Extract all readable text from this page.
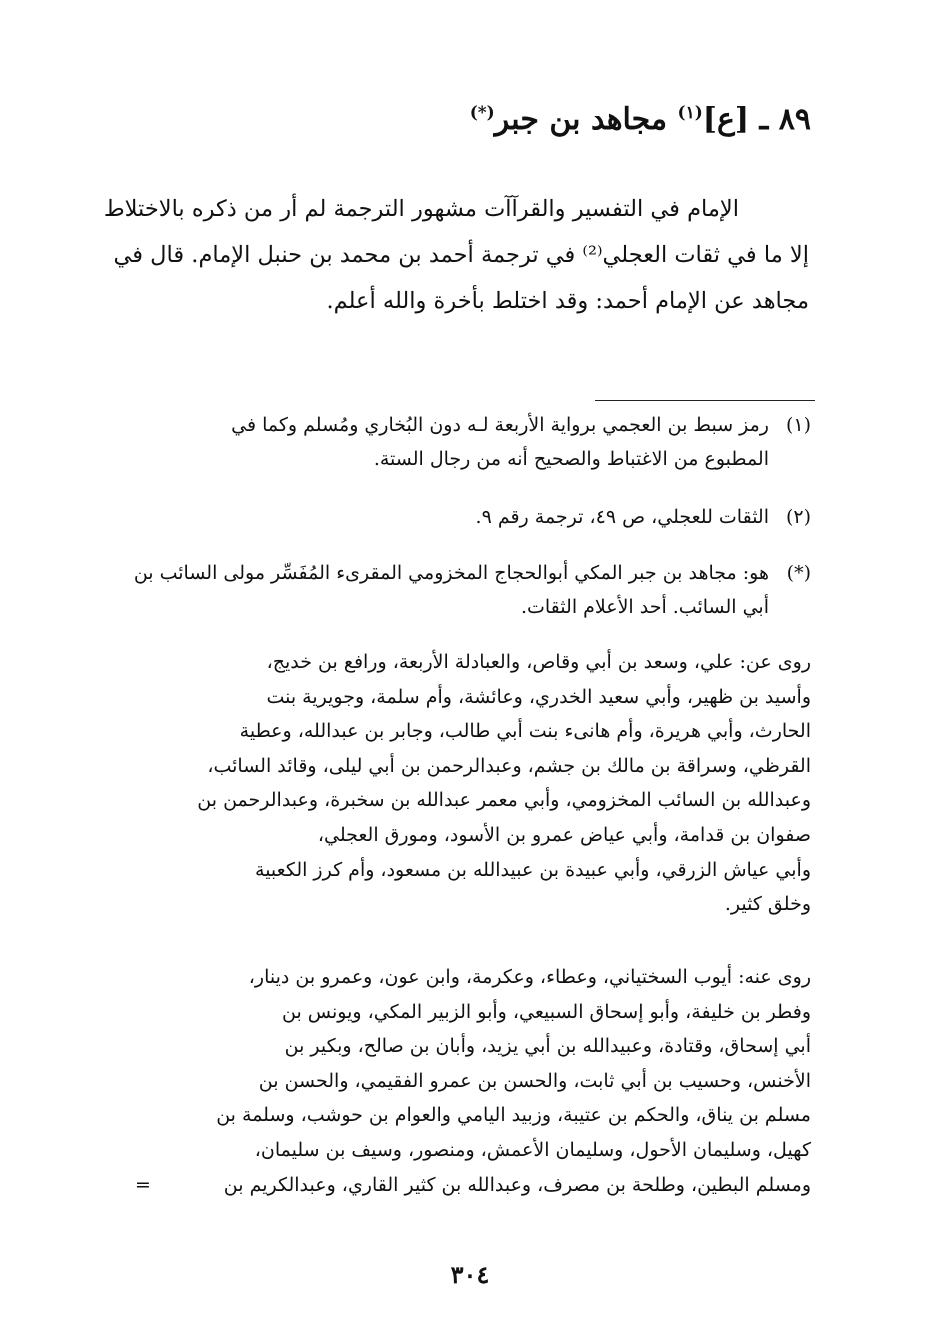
٨٩ ـ [ع]$^{(١)}$ مجاهد بن جبر(*)
الإمام في التفسير والقرآآت مشهور الترجمة لم أر من ذكره بالاختلاط
إلا ما في ثقات العجلي⁽²⁾ في ترجمة أحمد بن محمد بن حنبل الإمام. قال في
مجاهد عن الإمام أحمد: وقد اختلط بأخرة والله أعلم.
(١)رمز سبط بن العجمي برواية الأربعة لـه دون البُخاري ومُسلم وكما في
المطبوع من الاغتباط والصحيح أنه من رجال الستة.
(٢)الثقات للعجلي، ص ٤٩، ترجمة رقم ٩.
(*)هو: مجاهد بن جبر المكي أبوالحجاج المخزومي المقرىء المُفَسِّر مولى السائب بن
أبي السائب. أحد الأعلام الثقات.
روى عن: علي، وسعد بن أبي وقاص، والعبادلة الأربعة، ورافع بن خديج،
وأسيد بن ظهير، وأبي سعيد الخدري، وعائشة، وأم سلمة، وجويرية بنت
الحارث، وأبي هريرة، وأم هانىء بنت أبي طالب، وجابر بن عبدالله، وعطية
القرظي، وسراقة بن مالك بن جشم، وعبدالرحمن بن أبي ليلى، وقائد السائب،
وعبدالله بن السائب المخزومي، وأبي معمر عبدالله بن سخبرة، وعبدالرحمن بن
صفوان بن قدامة، وأبي عياض عمرو بن الأسود، ومورق العجلي،
وأبي عياش الزرقي، وأبي عبيدة بن عبيدالله بن مسعود، وأم كرز الكعبية
وخلق كثير.
روى عنه: أيوب السختياني، وعطاء، وعكرمة، وابن عون، وعمرو بن دينار،
وفطر بن خليفة، وأبو إسحاق السبيعي، وأبو الزبير المكي، ويونس بن
أبي إسحاق، وقتادة، وعبيدالله بن أبي يزيد، وأبان بن صالح، وبكير بن
الأخنس، وحسيب بن أبي ثابت، والحسن بن عمرو الفقيمي، والحسن بن
مسلم بن يناق، والحكم بن عتيبة، وزبيد اليامي والعوام بن حوشب، وسلمة بن
كهيل، وسليمان الأحول، وسليمان الأعمش، ومنصور، وسيف بن سليمان،
ومسلم البطين، وطلحة بن مصرف، وعبدالله بن كثير القاري، وعبدالكريم بن
=
٣٠٤
